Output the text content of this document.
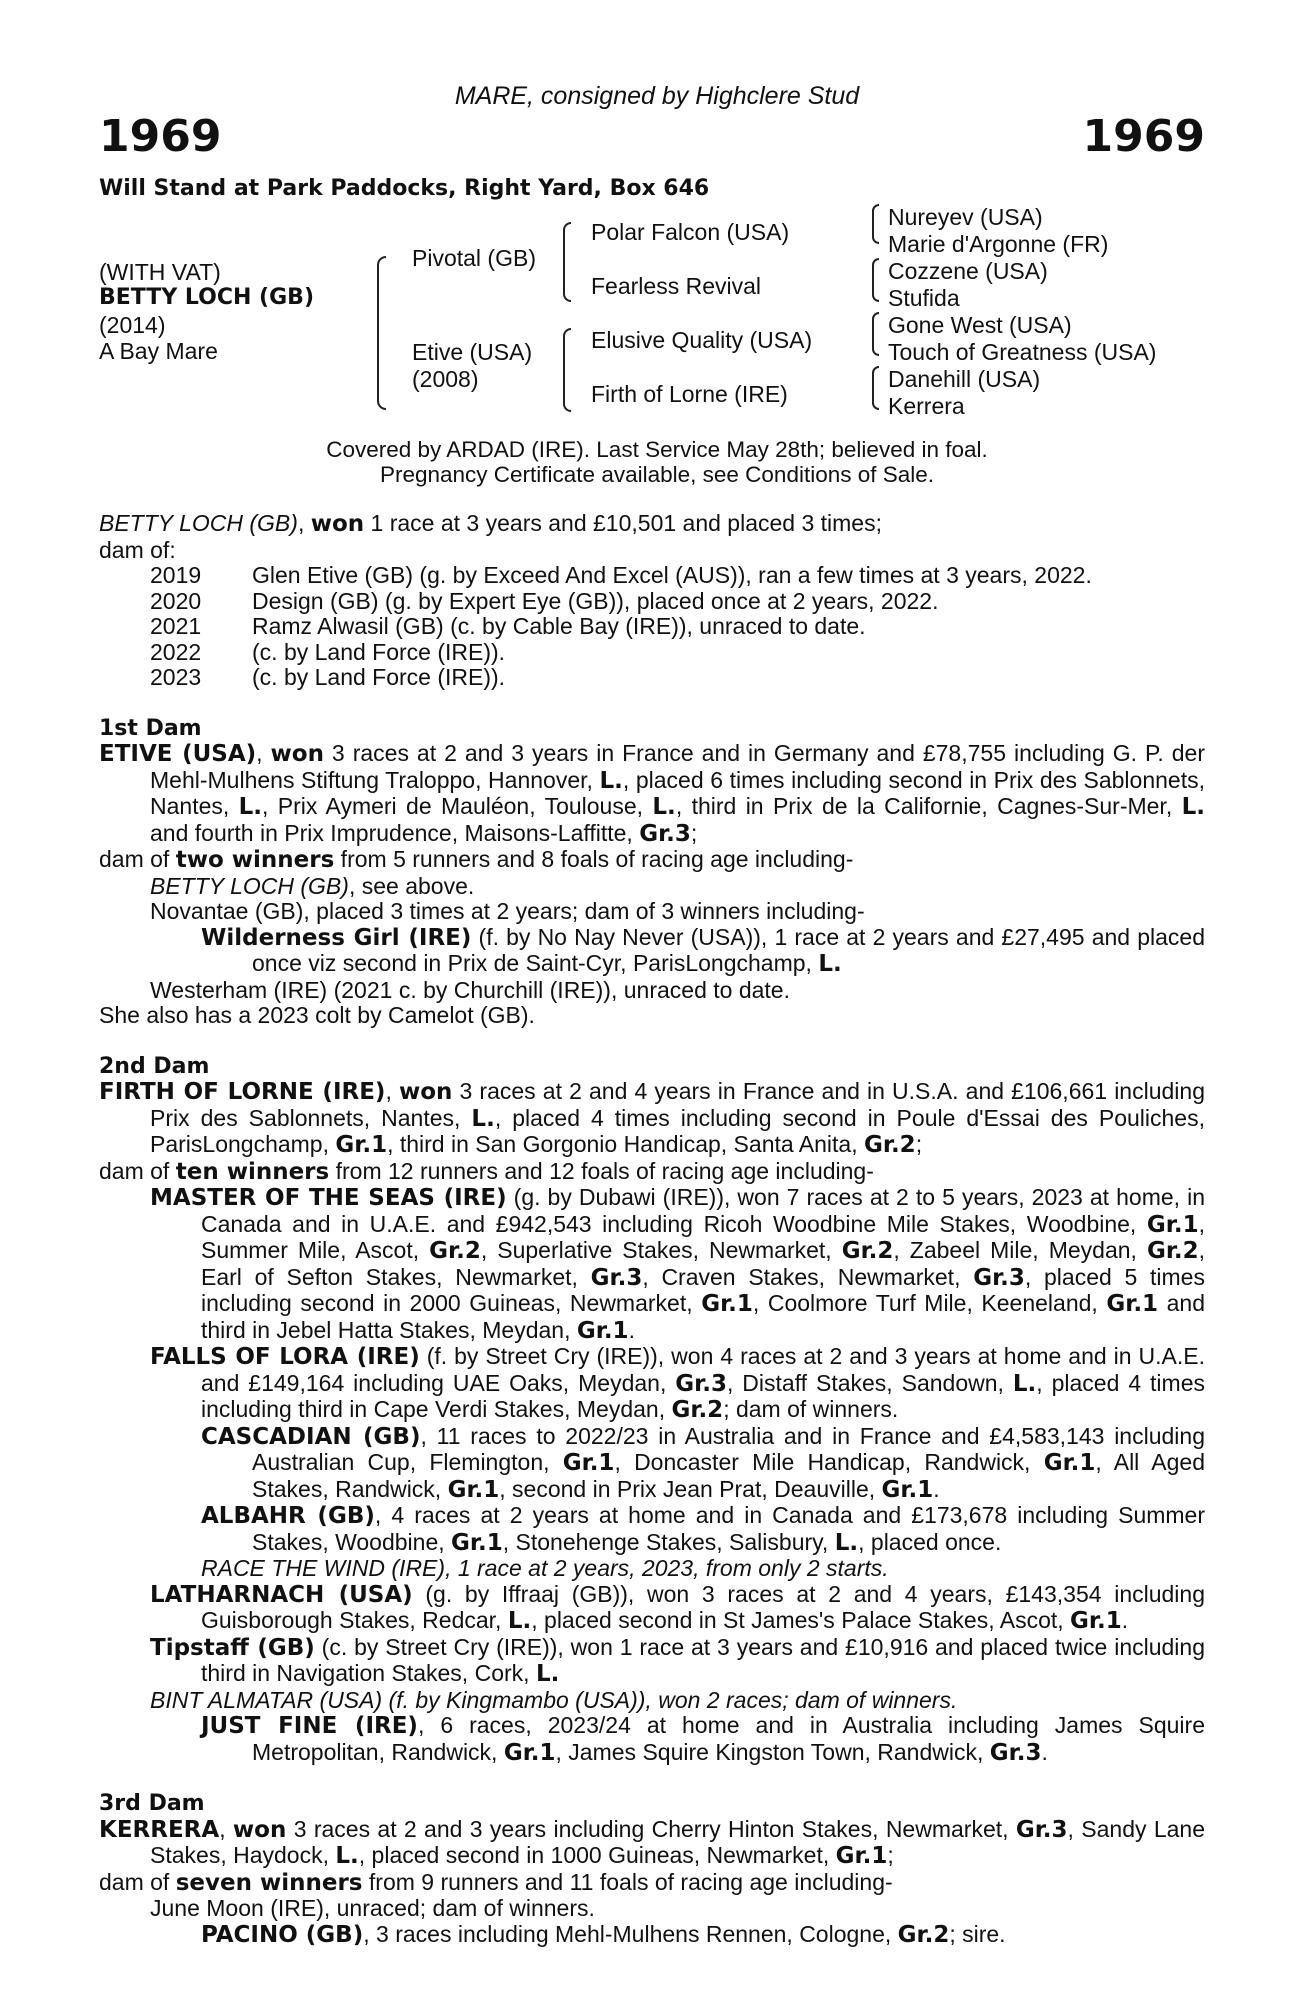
MARE, consigned by Highclere Stud
1969	1969
Will Stand at Park Paddocks, Right Yard, Box 646
(WITH VAT)
BETTY LOCH (GB)
(2014)
A Bay Mare
Pivotal (GB)
Etive (USA)
(2008)
Polar Falcon (USA)
Fearless Revival
Elusive Quality (USA)
Firth of Lorne (IRE)
Nureyev (USA)
Marie d'Argonne (FR)
Cozzene (USA)
Stufida
Gone West (USA)
Touch of Greatness (USA)
Danehill (USA)
Kerrera
Covered by ARDAD (IRE). Last Service May 28th; believed in foal.
Pregnancy Certificate available, see Conditions of Sale.

BETTY LOCH (GB), won 1 race at 3 years and £10,501 and placed 3 times;

dam of:

2019	Glen Etive (GB) (g. by Exceed And Excel (AUS)), ran a few times at 3 years, 2022.
2020	Design (GB) (g. by Expert Eye (GB)), placed once at 2 years, 2022.
2021	Ramz Alwasil (GB) (c. by Cable Bay (IRE)), unraced to date.
2022	(c. by Land Force (IRE)).
2023	(c. by Land Force (IRE)).

1st Dam

ETIVE (USA), won 3 races at 2 and 3 years in France and in Germany and £78,755 including G. P. der Mehl-Mulhens Stiftung Traloppo, Hannover, L., placed 6 times including second in Prix des Sablonnets, Nantes, L., Prix Aymeri de Mauléon, Toulouse, L., third in Prix de la Californie, Cagnes-Sur-Mer, L. and fourth in Prix Imprudence, Maisons-Laffitte, Gr.3;

dam of two winners from 5 runners and 8 foals of racing age including-

BETTY LOCH (GB), see above.

Novantae (GB), placed 3 times at 2 years; dam of 3 winners including-

Wilderness Girl (IRE) (f. by No Nay Never (USA)), 1 race at 2 years and £27,495 and placed once viz second in Prix de Saint-Cyr, ParisLongchamp, L.

Westerham (IRE) (2021 c. by Churchill (IRE)), unraced to date.

She also has a 2023 colt by Camelot (GB).

2nd Dam

FIRTH OF LORNE (IRE), won 3 races at 2 and 4 years in France and in U.S.A. and £106,661 including Prix des Sablonnets, Nantes, L., placed 4 times including second in Poule d'Essai des Pouliches, ParisLongchamp, Gr.1, third in San Gorgonio Handicap, Santa Anita, Gr.2;

dam of ten winners from 12 runners and 12 foals of racing age including-

MASTER OF THE SEAS (IRE) (g. by Dubawi (IRE)), won 7 races at 2 to 5 years, 2023 at home, in Canada and in U.A.E. and £942,543 including Ricoh Woodbine Mile Stakes, Woodbine, Gr.1, Summer Mile, Ascot, Gr.2, Superlative Stakes, Newmarket, Gr.2, Zabeel Mile, Meydan, Gr.2, Earl of Sefton Stakes, Newmarket, Gr.3, Craven Stakes, Newmarket, Gr.3, placed 5 times including second in 2000 Guineas, Newmarket, Gr.1, Coolmore Turf Mile, Keeneland, Gr.1 and third in Jebel Hatta Stakes, Meydan, Gr.1.

FALLS OF LORA (IRE) (f. by Street Cry (IRE)), won 4 races at 2 and 3 years at home and in U.A.E. and £149,164 including UAE Oaks, Meydan, Gr.3, Distaff Stakes, Sandown, L., placed 4 times including third in Cape Verdi Stakes, Meydan, Gr.2; dam of winners.

CASCADIAN (GB), 11 races to 2022/23 in Australia and in France and £4,583,143 including Australian Cup, Flemington, Gr.1, Doncaster Mile Handicap, Randwick, Gr.1, All Aged Stakes, Randwick, Gr.1, second in Prix Jean Prat, Deauville, Gr.1.

ALBAHR (GB), 4 races at 2 years at home and in Canada and £173,678 including Summer Stakes, Woodbine, Gr.1, Stonehenge Stakes, Salisbury, L., placed once.

RACE THE WIND (IRE), 1 race at 2 years, 2023, from only 2 starts.

LATHARNACH (USA) (g. by Iffraaj (GB)), won 3 races at 2 and 4 years, £143,354 including Guisborough Stakes, Redcar, L., placed second in St James's Palace Stakes, Ascot, Gr.1.

Tipstaff (GB) (c. by Street Cry (IRE)), won 1 race at 3 years and £10,916 and placed twice including third in Navigation Stakes, Cork, L.

BINT ALMATAR (USA) (f. by Kingmambo (USA)), won 2 races; dam of winners.

JUST FINE (IRE), 6 races, 2023/24 at home and in Australia including James Squire Metropolitan, Randwick, Gr.1, James Squire Kingston Town, Randwick, Gr.3.

3rd Dam

KERRERA, won 3 races at 2 and 3 years including Cherry Hinton Stakes, Newmarket, Gr.3, Sandy Lane Stakes, Haydock, L., placed second in 1000 Guineas, Newmarket, Gr.1;

dam of seven winners from 9 runners and 11 foals of racing age including-

June Moon (IRE), unraced; dam of winners.

PACINO (GB), 3 races including Mehl-Mulhens Rennen, Cologne, Gr.2; sire.
